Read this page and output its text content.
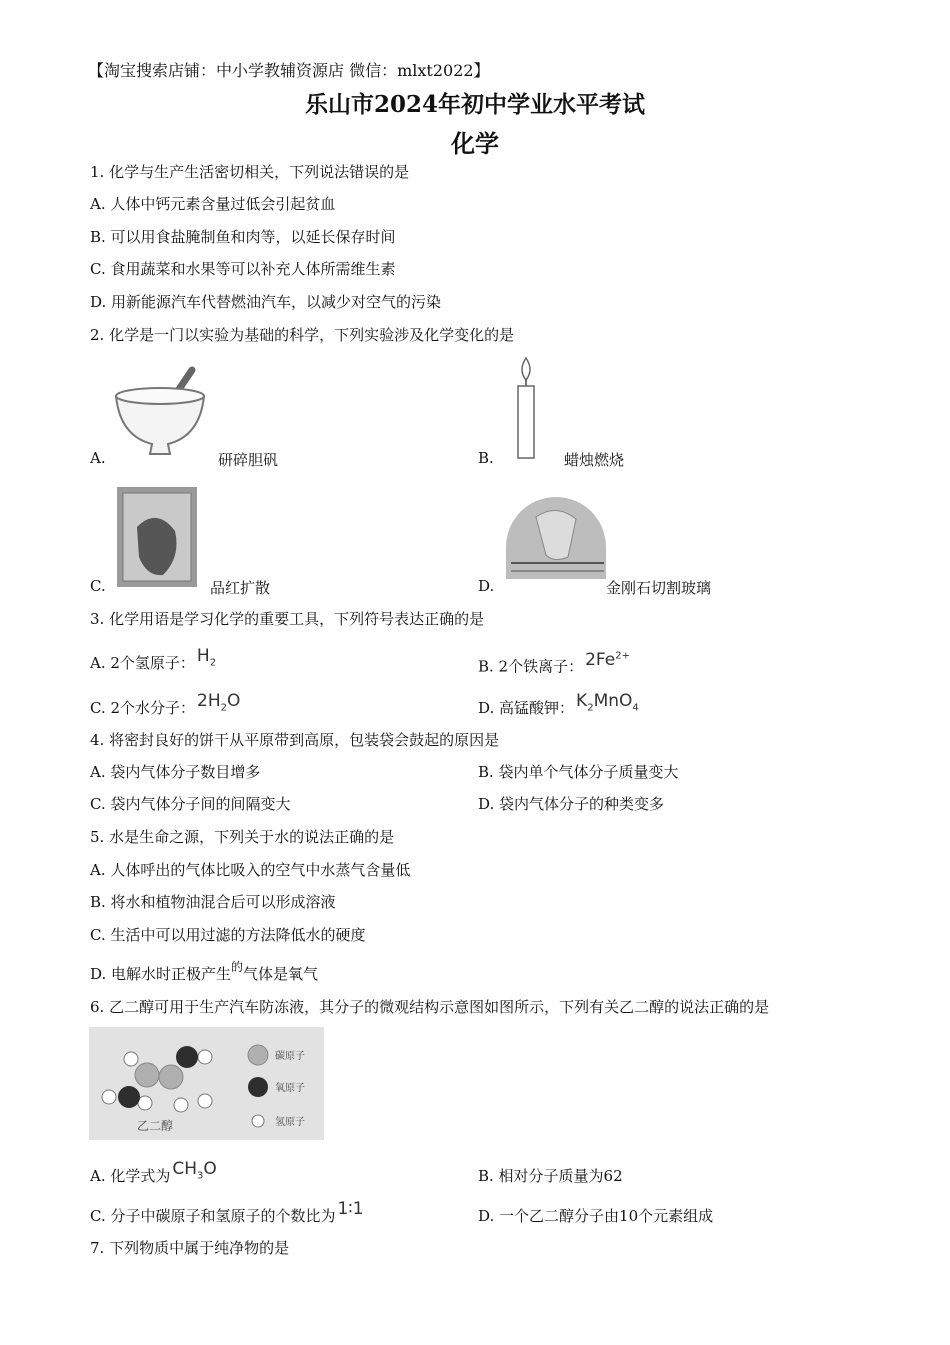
【淘宝搜索店铺：中小学教辅资源店 微信：mlxt2022】
乐山市2024年初中学业水平考试
化学
1. 化学与生产生活密切相关，下列说法错误的是
A. 人体中钙元素含量过低会引起贫血
B. 可以用食盐腌制鱼和肉等，以延长保存时间
C. 食用蔬菜和水果等可以补充人体所需维生素
D. 用新能源汽车代替燃油汽车，以减少对空气的污染
2. 化学是一门以实验为基础的科学，下列实验涉及化学变化的是
A.	研碎胆矾	B.	蜡烛燃烧
C.	品红扩散	D.	金刚石切割玻璃
3. 化学用语是学习化学的重要工具，下列符号表达正确的是
A. 2个氢原子： $H_2$	B. 2个铁离子： $2Fe^{2+}$
C. 2个水分子： $2H_2O$	D. 高锰酸钾： $K_2MnO_4$
4. 将密封良好的饼干从平原带到高原，包装袋会鼓起的原因是
A. 袋内气体分子数目增多	B. 袋内单个气体分子质量变大
C. 袋内气体分子间的间隔变大	D. 袋内气体分子的种类变多
5. 水是生命之源，下列关于水的说法正确的是
A. 人体呼出的气体比吸入的空气中水蒸气含量低
B. 将水和植物油混合后可以形成溶液
C. 生活中可以用过滤的方法降低水的硬度
D. 电解水时正极产生$^的$气体是氧气
6. 乙二醇可用于生产汽车防冻液，其分子的微观结构示意图如图所示，下列有关乙二醇的说法正确的是
乙二醇
碳原子
氧原子
氢原子
A. 化学式为 $CH_3O$	B. 相对分子质量为62
C. 分子中碳原子和氢原子的个数比为 1∶1	D. 一个乙二醇分子由10个元素组成
7. 下列物质中属于纯净物的是
